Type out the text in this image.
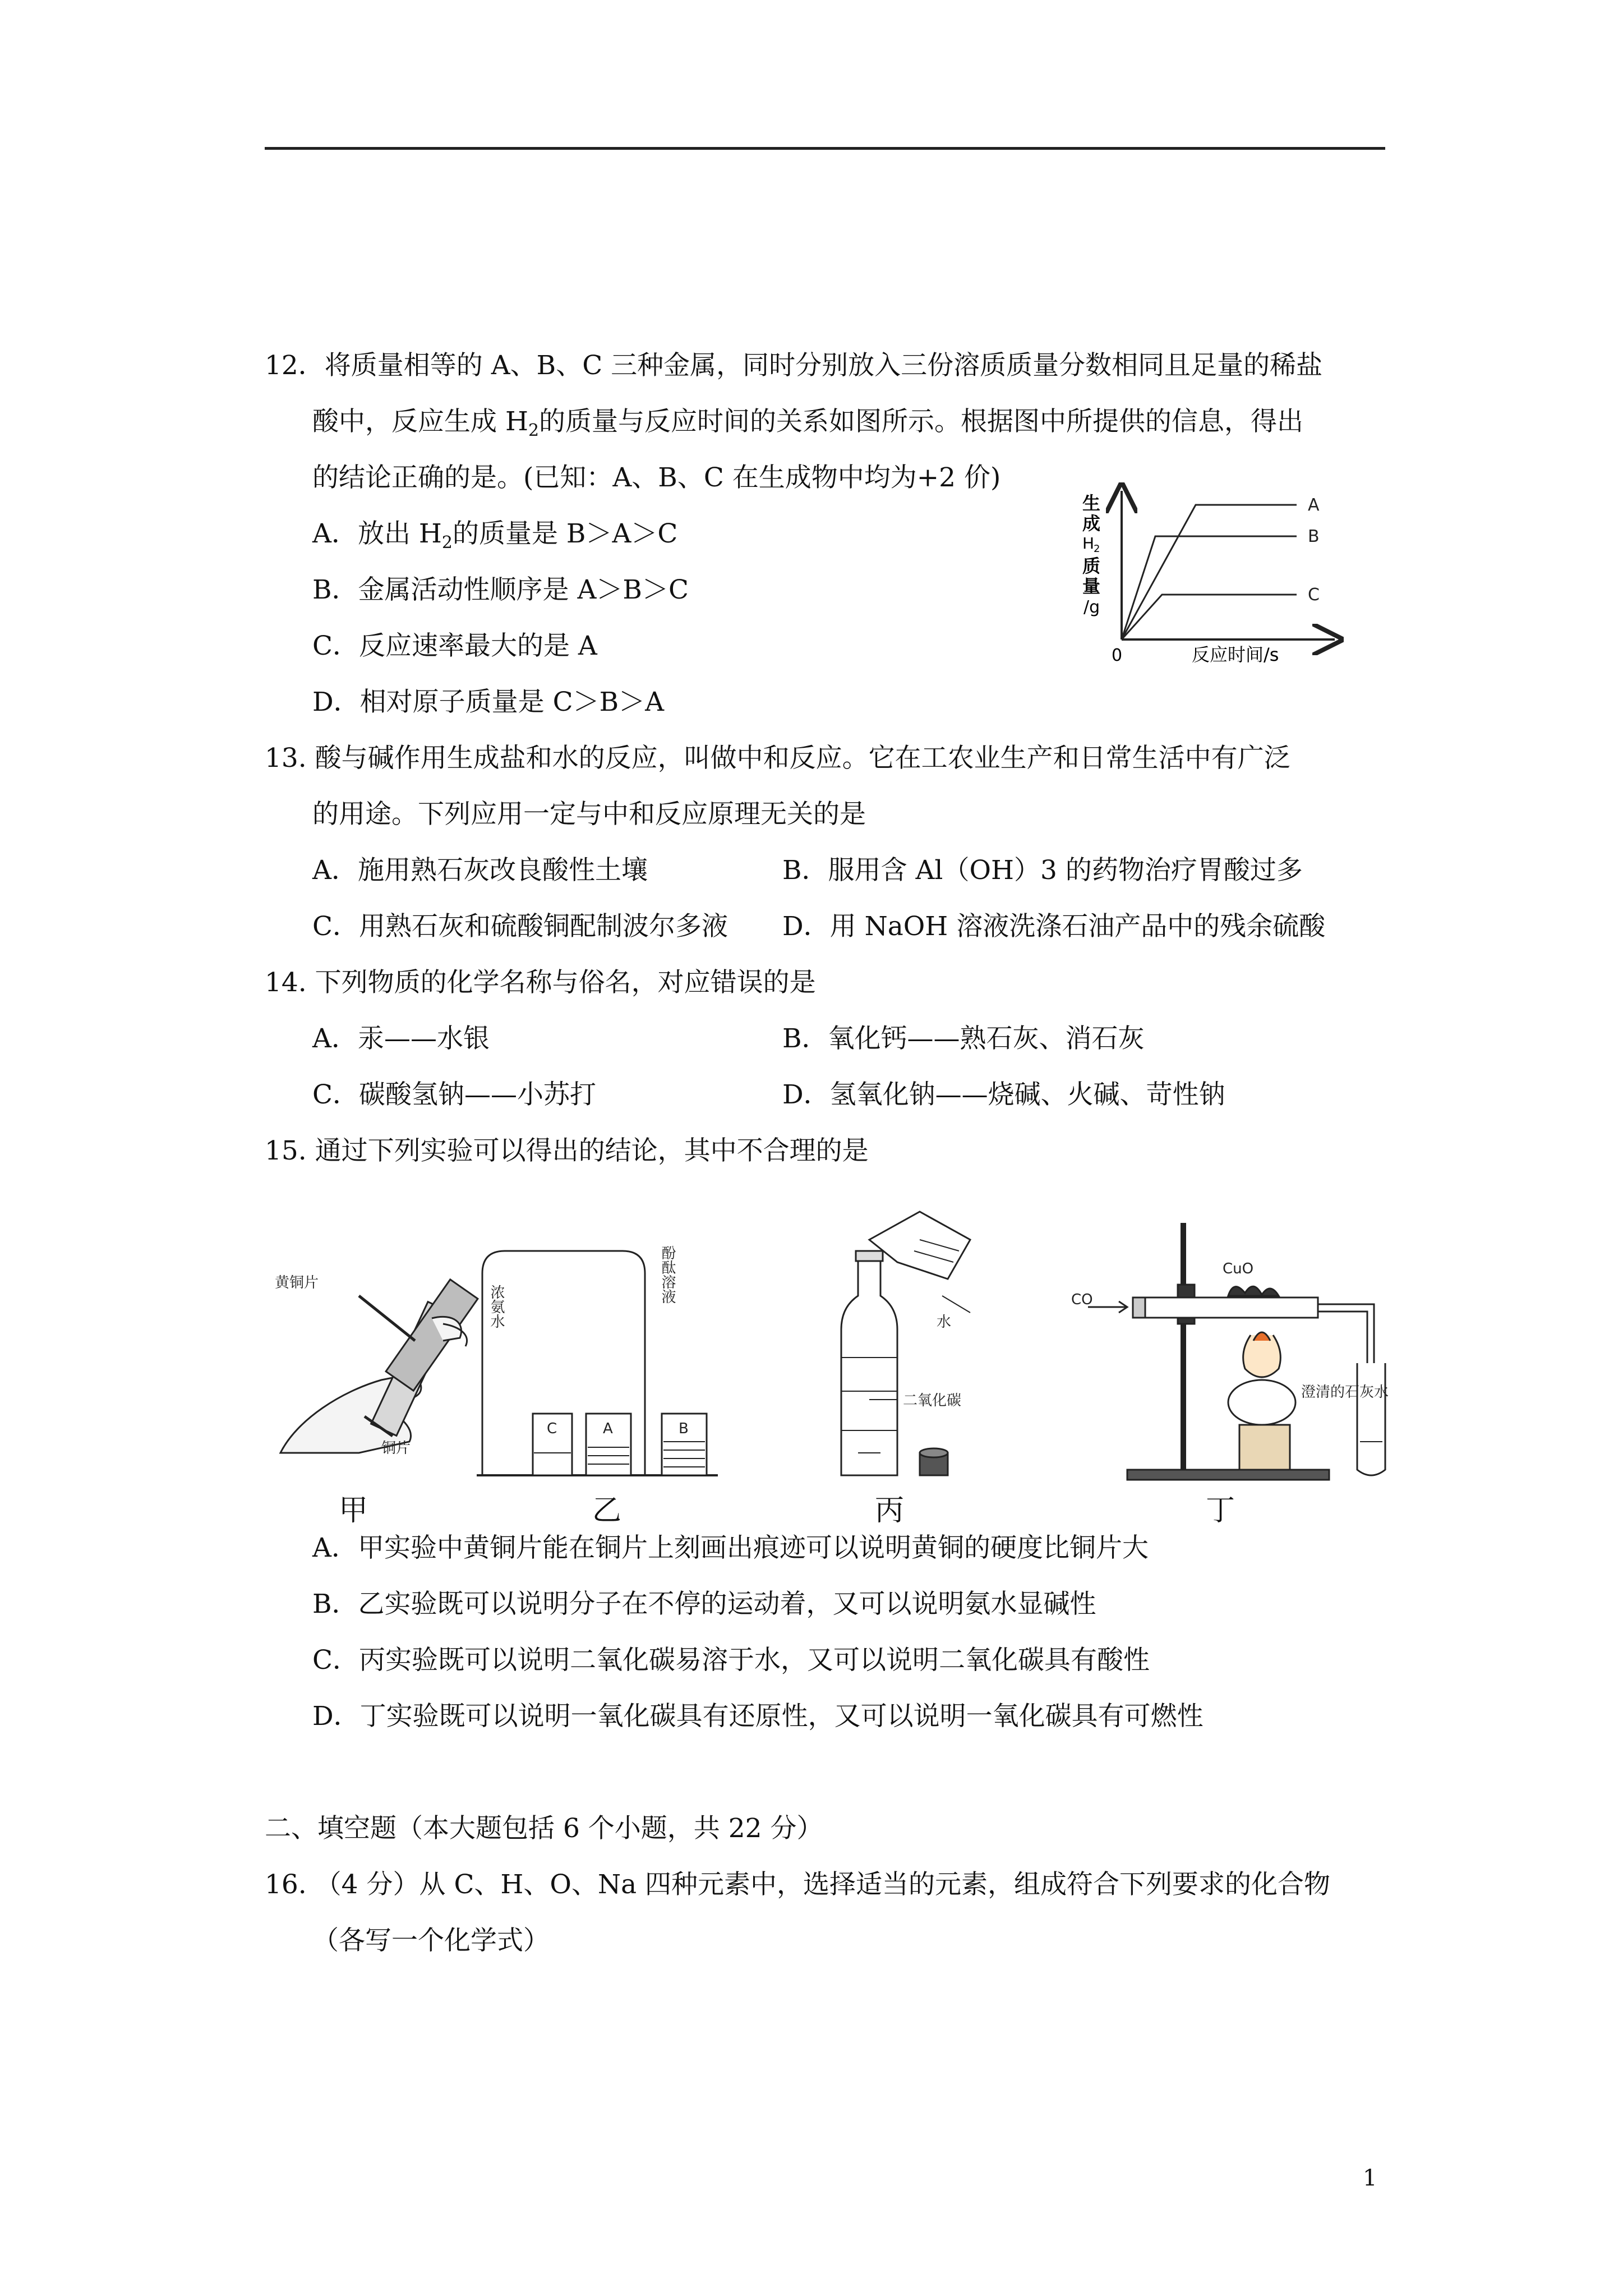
12．将质量相等的 A、B、C 三种金属，同时分别放入三份溶质质量分数相同且足量的稀盐
酸中，反应生成 $H_2$的质量与反应时间的关系如图所示。根据图中所提供的信息，得出
的结论正确的是。(已知：A、B、C 在生成物中均为+2 价)
A．放出 $H_2$的质量是 B＞A＞C
B．金属活动性顺序是 A＞B＞C
C．反应速率最大的是 A
D．相对原子质量是 C＞B＞A
A
B
C
生
成
H
2
质
量
/g
0	反应时间/s
13. 酸与碱作用生成盐和水的反应，叫做中和反应。它在工农业生产和日常生活中有广泛
的用途。下列应用一定与中和反应原理无关的是
A．施用熟石灰改良酸性土壤	B．服用含 Al（OH）3 的药物治疗胃酸过多
C．用熟石灰和硫酸铜配制波尔多液 D．用 NaOH 溶液洗涤石油产品中的残余硫酸
14. 下列物质的化学名称与俗名，对应错误的是
A．汞——水银	B．氧化钙——熟石灰、消石灰
C．碳酸氢钠——小苏打	D．氢氧化钠——烧碱、火碱、苛性钠
15. 通过下列实验可以得出的结论，其中不合理的是
黄铜片
铜片
浓氨水
酚酞溶液
C	A	B
水
二氧化碳
CO
CuO
澄清的石灰水
甲	乙	丙	丁
A．甲实验中黄铜片能在铜片上刻画出痕迹可以说明黄铜的硬度比铜片大
B．乙实验既可以说明分子在不停的运动着，又可以说明氨水显碱性
C．丙实验既可以说明二氧化碳易溶于水，又可以说明二氧化碳具有酸性
D．丁实验既可以说明一氧化碳具有还原性，又可以说明一氧化碳具有可燃性
二、填空题（本大题包括 6 个小题，共 22 分）
16. （4 分）从 C、H、O、Na 四种元素中，选择适当的元素，组成符合下列要求的化合物
（各写一个化学式）
1
